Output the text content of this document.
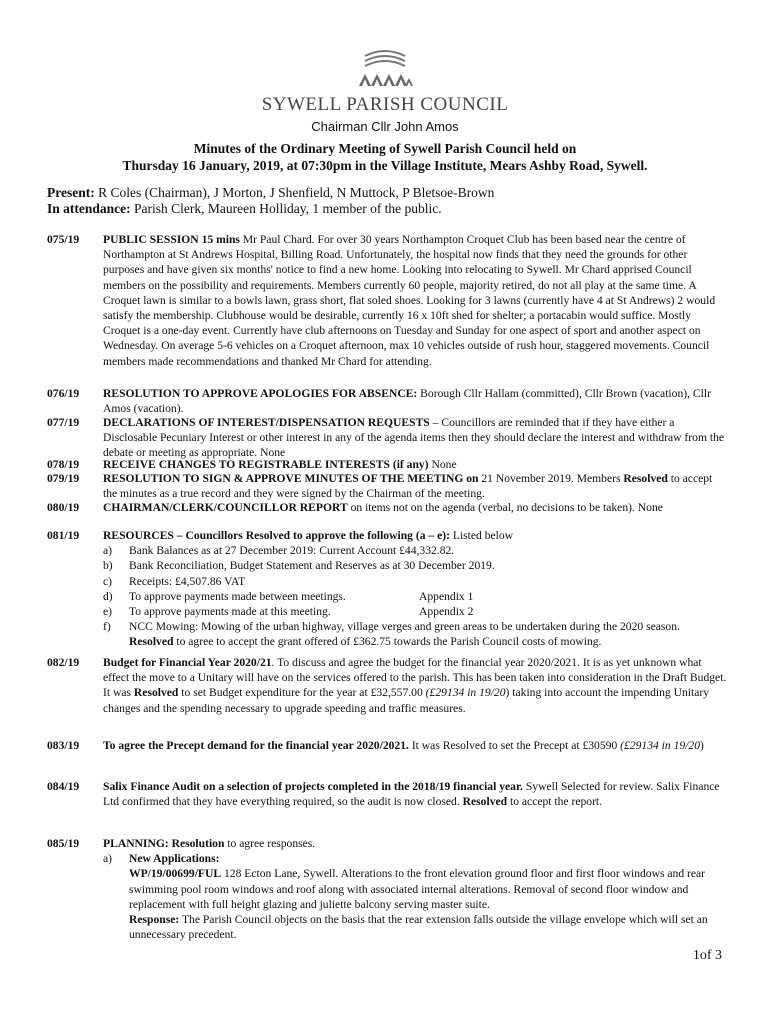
SYWELL PARISH COUNCIL
Chairman Cllr John Amos
Minutes of the Ordinary Meeting of Sywell Parish Council held on
Thursday 16 January, 2019, at 07:30pm in the Village Institute, Mears Ashby Road, Sywell.
Present: R Coles (Chairman), J Morton, J Shenfield, N Muttock, P Bletsoe-Brown
In attendance: Parish Clerk, Maureen Holliday, 1 member of the public.
075/19	PUBLIC SESSION 15 mins Mr Paul Chard. For over 30 years Northampton Croquet Club has been based near the centre of Northampton at St Andrews Hospital, Billing Road. Unfortunately, the hospital now finds that they need the grounds for other purposes and have given six months' notice to find a new home. Looking into relocating to Sywell. Mr Chard apprised Council members on the possibility and requirements. Members currently 60 people, majority retired, do not all play at the same time. A Croquet lawn is similar to a bowls lawn, grass short, flat soled shoes. Looking for 3 lawns (currently have 4 at St Andrews) 2 would satisfy the membership. Clubhouse would be desirable, currently 16 x 10ft shed for shelter; a portacabin would suffice. Mostly Croquet is a one-day event. Currently have club afternoons on Tuesday and Sunday for one aspect of sport and another aspect on Wednesday. On average 5-6 vehicles on a Croquet afternoon, max 10 vehicles outside of rush hour, staggered movements. Council members made recommendations and thanked Mr Chard for attending.
076/19	RESOLUTION TO APPROVE APOLOGIES FOR ABSENCE: Borough Cllr Hallam (committed), Cllr Brown (vacation), Cllr Amos (vacation).
077/19	DECLARATIONS OF INTEREST/DISPENSATION REQUESTS – Councillors are reminded that if they have either a Disclosable Pecuniary Interest or other interest in any of the agenda items then they should declare the interest and withdraw from the debate or meeting as appropriate. None
078/19	RECEIVE CHANGES TO REGISTRABLE INTERESTS (if any) None
079/19	RESOLUTION TO SIGN & APPROVE MINUTES OF THE MEETING on 21 November 2019. Members Resolved to accept the minutes as a true record and they were signed by the Chairman of the meeting.
080/19	CHAIRMAN/CLERK/COUNCILLOR REPORT on items not on the agenda (verbal, no decisions to be taken). None
081/19	RESOURCES – Councillors Resolved to approve the following (a – e): Listed below
a) Bank Balances as at 27 December 2019: Current Account £44,332.82.
b) Bank Reconciliation, Budget Statement and Reserves as at 30 December 2019.
c) Receipts: £4,507.86 VAT
d) To approve payments made between meetings.	Appendix 1
e) To approve payments made at this meeting.	Appendix 2
f) NCC Mowing: Mowing of the urban highway, village verges and green areas to be undertaken during the 2020 season. Resolved to agree to accept the grant offered of £362.75 towards the Parish Council costs of mowing.
082/19	Budget for Financial Year 2020/21. To discuss and agree the budget for the financial year 2020/2021. It is as yet unknown what effect the move to a Unitary will have on the services offered to the parish. This has been taken into consideration in the Draft Budget. It was Resolved to set Budget expenditure for the year at £32,557.00 (£29134 in 19/20) taking into account the impending Unitary changes and the spending necessary to upgrade speeding and traffic measures.
083/19	To agree the Precept demand for the financial year 2020/2021. It was Resolved to set the Precept at £30590 (£29134 in 19/20)
084/19	Salix Finance Audit on a selection of projects completed in the 2018/19 financial year. Sywell Selected for review. Salix Finance Ltd confirmed that they have everything required, so the audit is now closed. Resolved to accept the report.
085/19	PLANNING: Resolution to agree responses.
a) New Applications:
WP/19/00699/FUL 128 Ecton Lane, Sywell. Alterations to the front elevation ground floor and first floor windows and rear swimming pool room windows and roof along with associated internal alterations. Removal of second floor window and replacement with full height glazing and juliette balcony serving master suite.
Response: The Parish Council objects on the basis that the rear extension falls outside the village envelope which will set an unnecessary precedent.
1of 3
